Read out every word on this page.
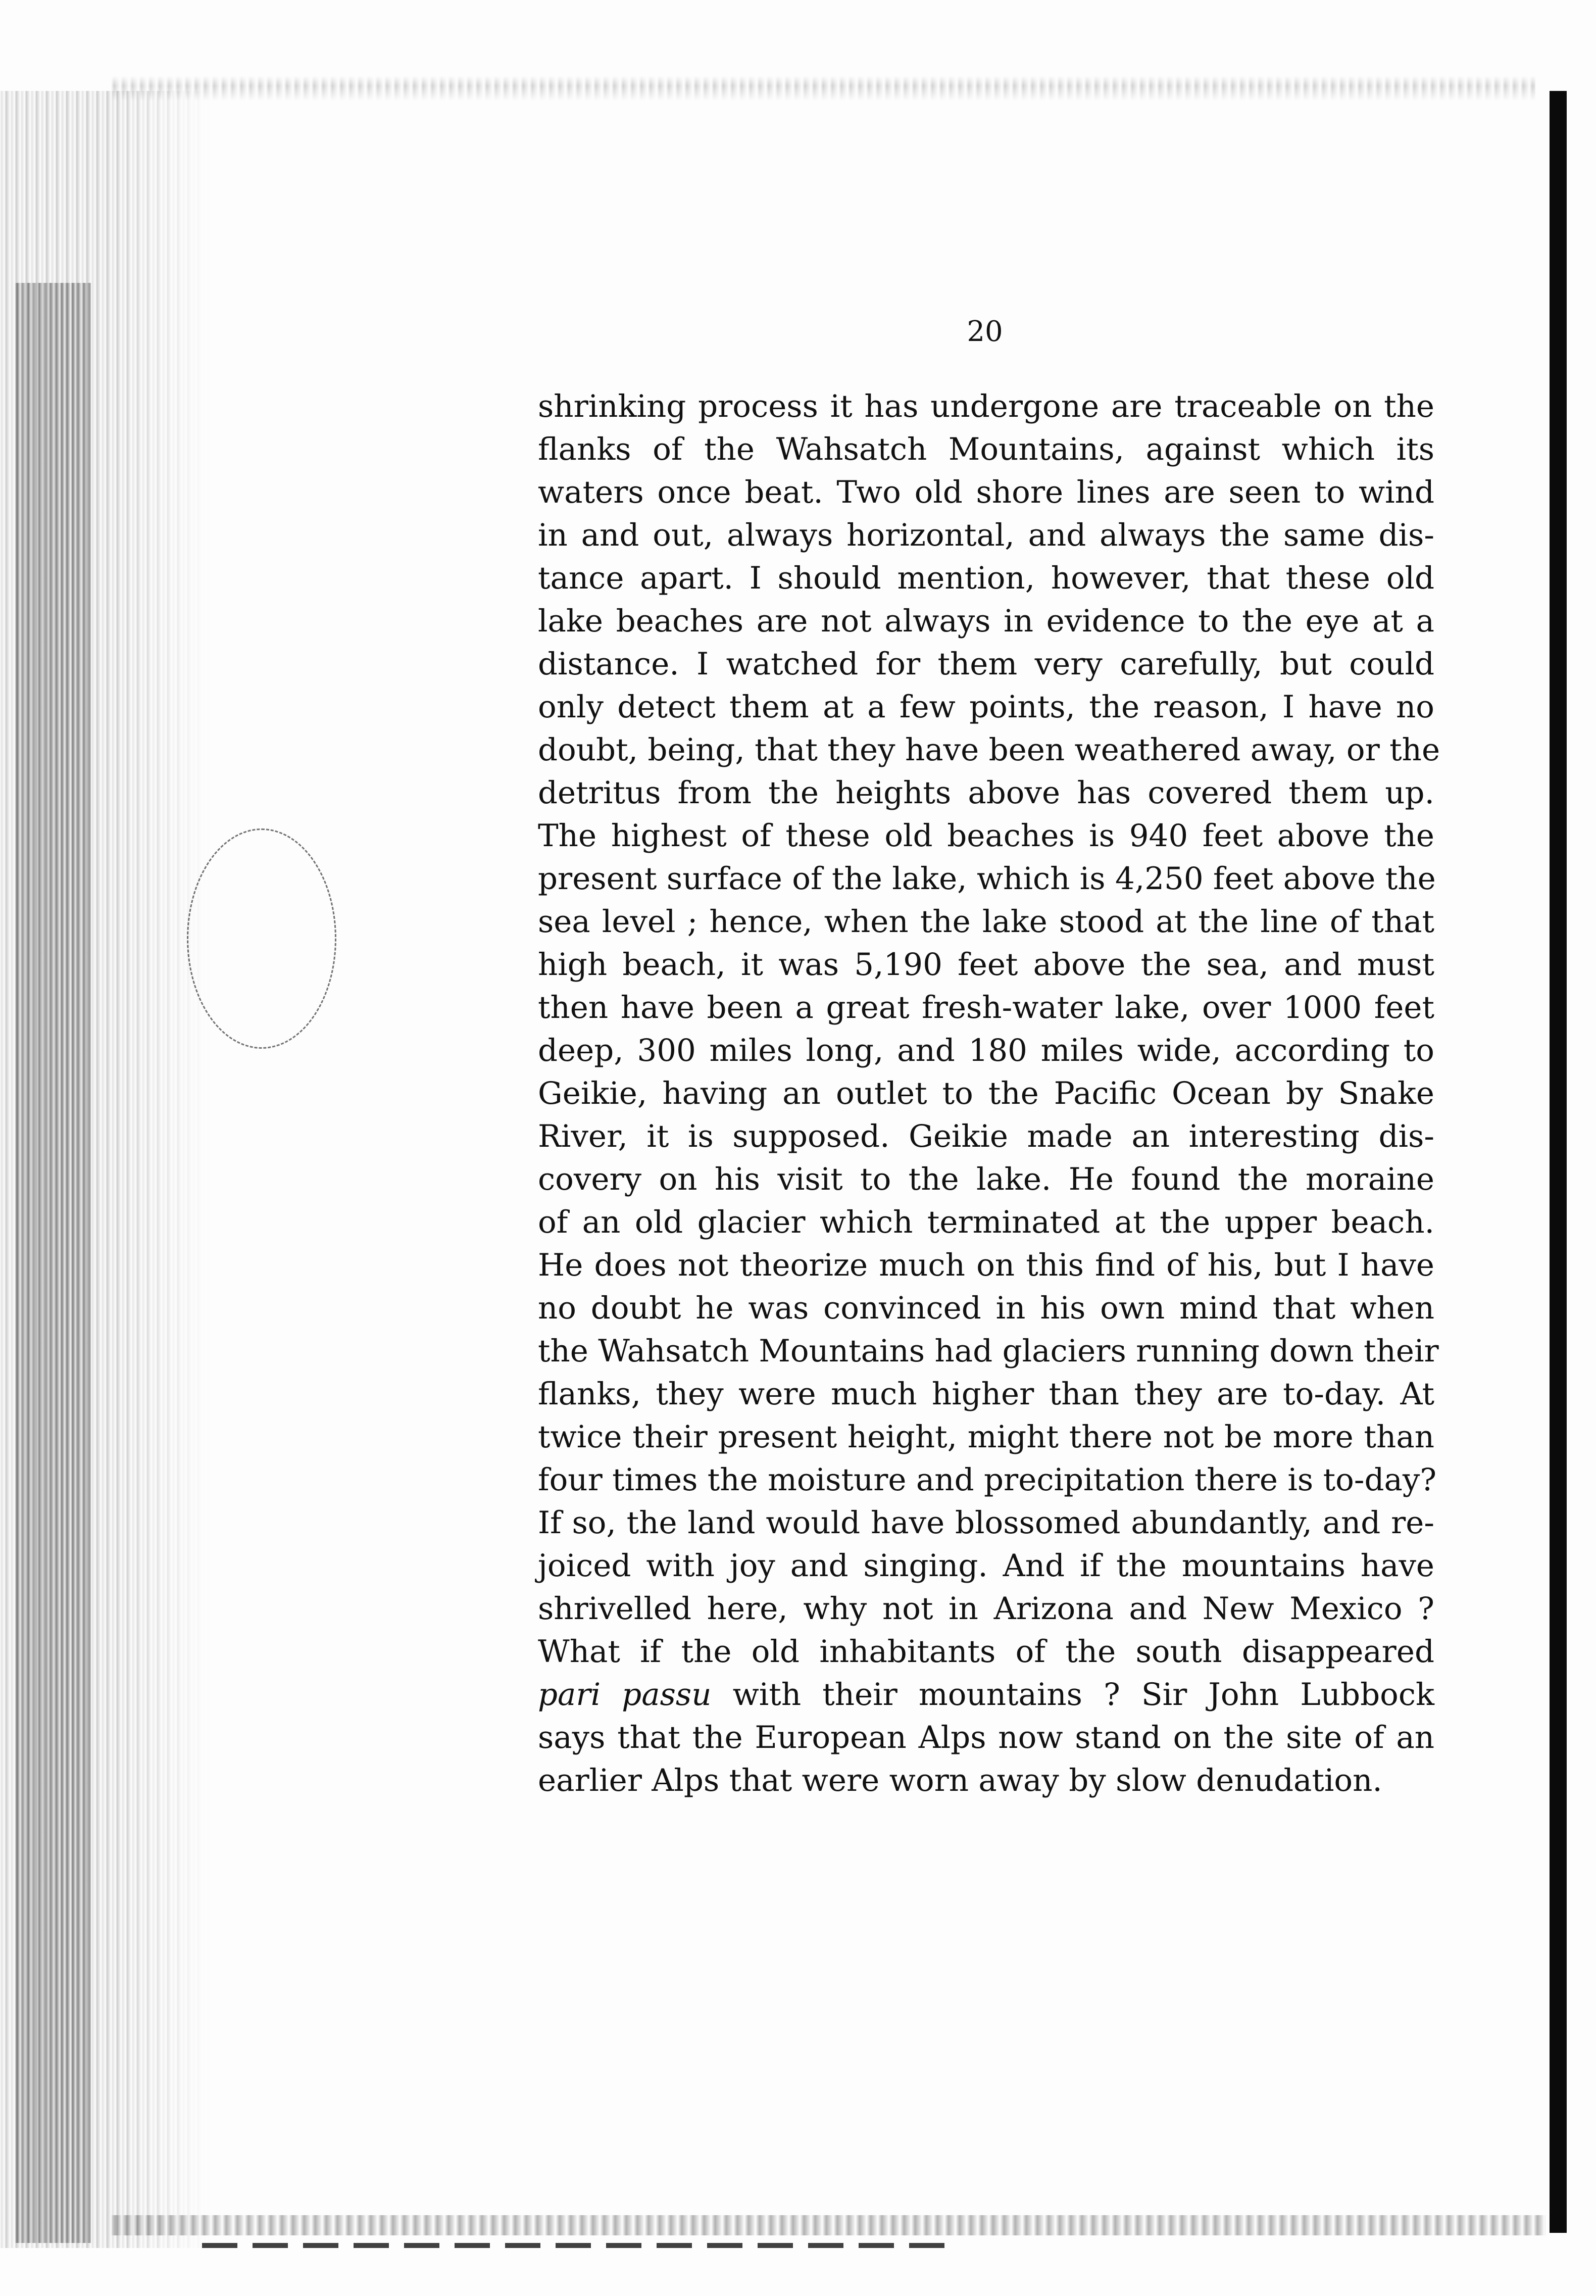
20
shrinking process it has undergone are traceable on the
flanks of the Wahsatch Mountains, against which its
waters once beat. Two old shore lines are seen to wind
in and out, always horizontal, and always the same dis-
tance apart. I should mention, however, that these old
lake beaches are not always in evidence to the eye at a
distance. I watched for them very carefully, but could
only detect them at a few points, the reason, I have no
doubt, being, that they have been weathered away, or the
detritus from the heights above has covered them up.
The highest of these old beaches is 940 feet above the
present surface of the lake, which is 4,250 feet above the
sea level ; hence, when the lake stood at the line of that
high beach, it was 5,190 feet above the sea, and must
then have been a great fresh-water lake, over 1000 feet
deep, 300 miles long, and 180 miles wide, according to
Geikie, having an outlet to the Pacific Ocean by Snake
River, it is supposed. Geikie made an interesting dis-
covery on his visit to the lake. He found the moraine
of an old glacier which terminated at the upper beach.
He does not theorize much on this find of his, but I have
no doubt he was convinced in his own mind that when
the Wahsatch Mountains had glaciers running down their
flanks, they were much higher than they are to-day. At
twice their present height, might there not be more than
four times the moisture and precipitation there is to-day?
If so, the land would have blossomed abundantly, and re-
joiced with joy and singing. And if the mountains have
shrivelled here, why not in Arizona and New Mexico ?
What if the old inhabitants of the south disappeared
pari passu with their mountains ? Sir John Lubbock
says that the European Alps now stand on the site of an
earlier Alps that were worn away by slow denudation.
